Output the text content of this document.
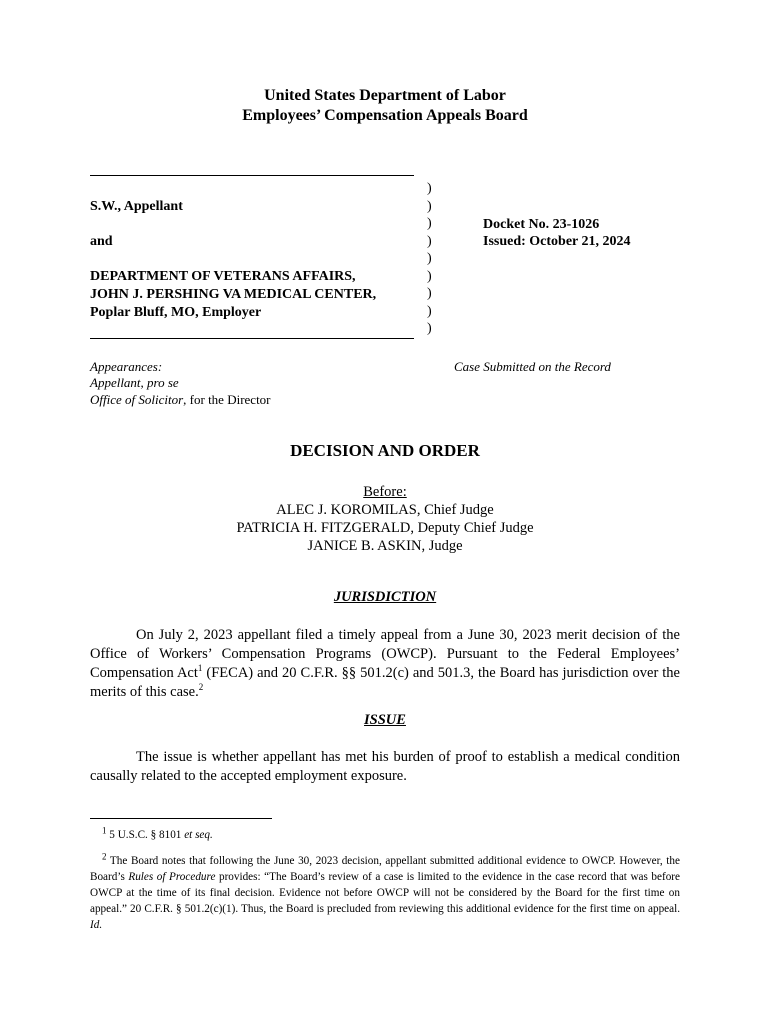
United States Department of Labor
Employees’ Compensation Appeals Board
S.W., Appellant
and
DEPARTMENT OF VETERANS AFFAIRS,
JOHN J. PERSHING VA MEDICAL CENTER,
Poplar Bluff, MO, Employer
)
)
)
)
)
)
)
)
)
Docket No. 23-1026
Issued: October 21, 2024
Appearances:
Appellant, pro se
Office of Solicitor, for the Director
Case Submitted on the Record
DECISION AND ORDER
Before:
ALEC J. KOROMILAS, Chief Judge
PATRICIA H. FITZGERALD, Deputy Chief Judge
JANICE B. ASKIN, Judge
JURISDICTION
On July 2, 2023 appellant filed a timely appeal from a June 30, 2023 merit decision of the Office of Workers’ Compensation Programs (OWCP). Pursuant to the Federal Employees’ Compensation Act$^1$ (FECA) and 20 C.F.R. §§ 501.2(c) and 501.3, the Board has jurisdiction over the merits of this case.$^2$
ISSUE
The issue is whether appellant has met his burden of proof to establish a medical condition causally related to the accepted employment exposure.
$^1$ 5 U.S.C. § 8101 et seq.
$^2$ The Board notes that following the June 30, 2023 decision, appellant submitted additional evidence to OWCP. However, the Board’s Rules of Procedure provides: “The Board’s review of a case is limited to the evidence in the case record that was before OWCP at the time of its final decision. Evidence not before OWCP will not be considered by the Board for the first time on appeal.” 20 C.F.R. § 501.2(c)(1). Thus, the Board is precluded from reviewing this additional evidence for the first time on appeal. Id.
